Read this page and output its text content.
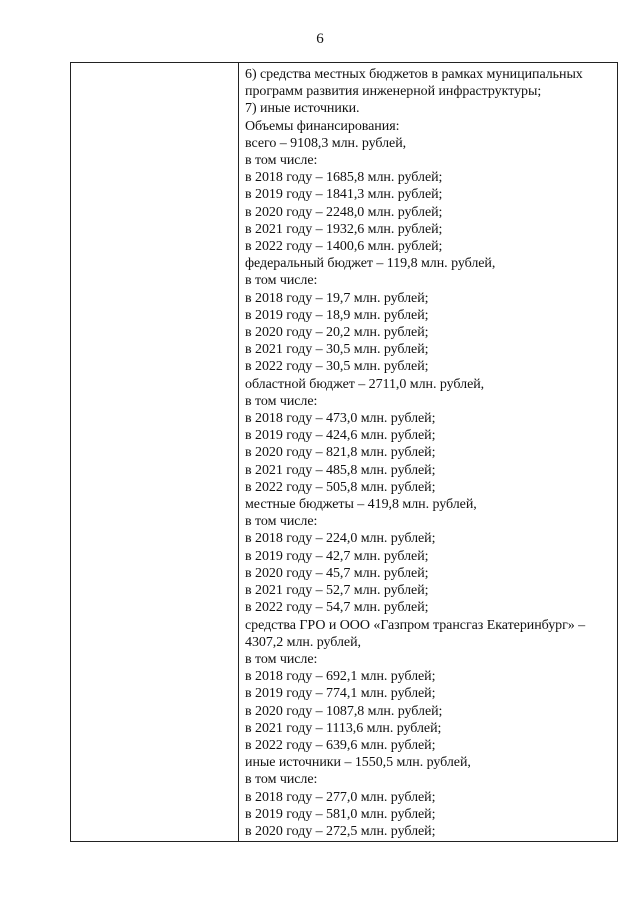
6
6) средства местных бюджетов в рамках муниципальных
программ развития инженерной инфраструктуры;
7) иные источники.
Объемы финансирования:
всего – 9108,3 млн. рублей,
в том числе:
в 2018 году – 1685,8 млн. рублей;
в 2019 году – 1841,3 млн. рублей;
в 2020 году – 2248,0 млн. рублей;
в 2021 году – 1932,6 млн. рублей;
в 2022 году – 1400,6 млн. рублей;
федеральный бюджет – 119,8 млн. рублей,
в том числе:
в 2018 году – 19,7 млн. рублей;
в 2019 году – 18,9 млн. рублей;
в 2020 году – 20,2 млн. рублей;
в 2021 году – 30,5 млн. рублей;
в 2022 году – 30,5 млн. рублей;
областной бюджет – 2711,0 млн. рублей,
в том числе:
в 2018 году – 473,0 млн. рублей;
в 2019 году – 424,6 млн. рублей;
в 2020 году – 821,8 млн. рублей;
в 2021 году – 485,8 млн. рублей;
в 2022 году – 505,8 млн. рублей;
местные бюджеты – 419,8 млн. рублей,
в том числе:
в 2018 году – 224,0 млн. рублей;
в 2019 году – 42,7 млн. рублей;
в 2020 году – 45,7 млн. рублей;
в 2021 году – 52,7 млн. рублей;
в 2022 году – 54,7 млн. рублей;
средства ГРО и ООО «Газпром трансгаз Екатеринбург» –
4307,2 млн. рублей,
в том числе:
в 2018 году – 692,1 млн. рублей;
в 2019 году – 774,1 млн. рублей;
в 2020 году – 1087,8 млн. рублей;
в 2021 году – 1113,6 млн. рублей;
в 2022 году – 639,6 млн. рублей;
иные источники – 1550,5 млн. рублей,
в том числе:
в 2018 году – 277,0 млн. рублей;
в 2019 году – 581,0 млн. рублей;
в 2020 году – 272,5 млн. рублей;
